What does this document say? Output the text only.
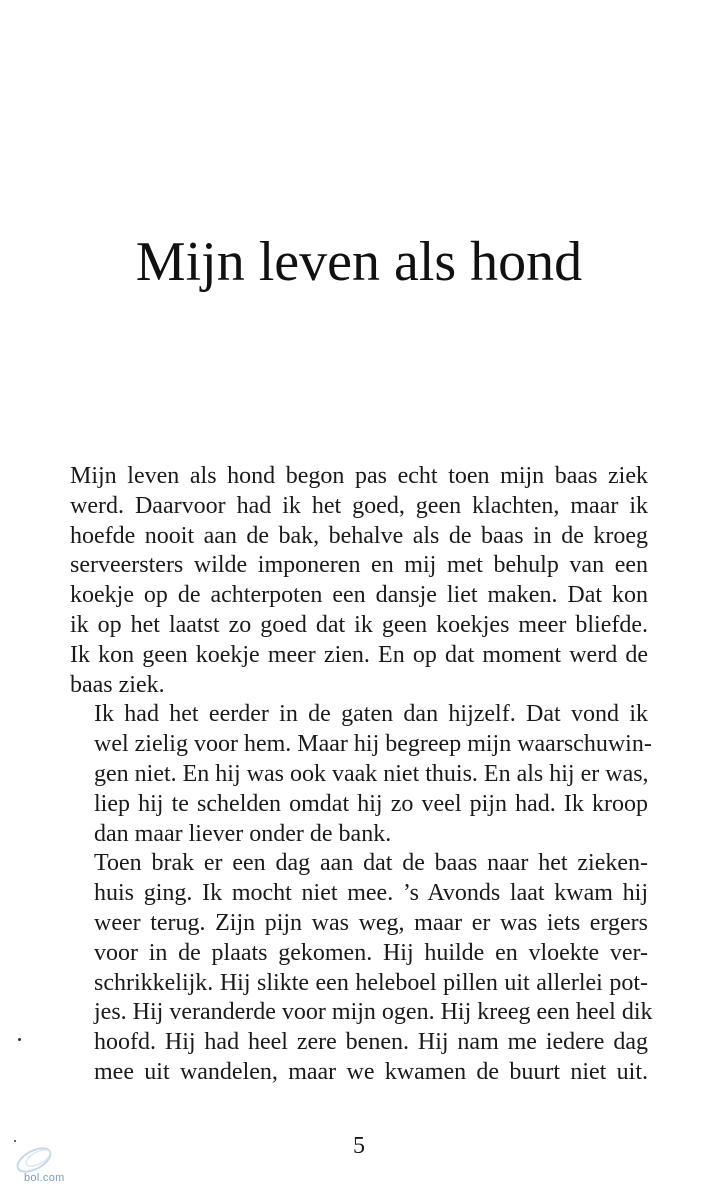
Mijn leven als hond

Mijn leven als hond begon pas echt toen mijn baas ziek
werd. Daarvoor had ik het goed, geen klachten, maar ik
hoefde nooit aan de bak, behalve als de baas in de kroeg
serveersters wilde imponeren en mij met behulp van een
koekje op de achterpoten een dansje liet maken. Dat kon
ik op het laatst zo goed dat ik geen koekjes meer bliefde.
Ik kon geen koekje meer zien. En op dat moment werd de
baas ziek.

Ik had het eerder in de gaten dan hijzelf. Dat vond ik
wel zielig voor hem. Maar hij begreep mijn waarschuwin-
gen niet. En hij was ook vaak niet thuis. En als hij er was,
liep hij te schelden omdat hij zo veel pijn had. Ik kroop
dan maar liever onder de bank.

Toen brak er een dag aan dat de baas naar het zieken-
huis ging. Ik mocht niet mee. ’s Avonds laat kwam hij
weer terug. Zijn pijn was weg, maar er was iets ergers
voor in de plaats gekomen. Hij huilde en vloekte ver-
schrikkelijk. Hij slikte een heleboel pillen uit allerlei pot-
jes. Hij veranderde voor mijn ogen. Hij kreeg een heel dik
hoofd. Hij had heel zere benen. Hij nam me iedere dag
mee uit wandelen, maar we kwamen de buurt niet uit.

5
bol.com
